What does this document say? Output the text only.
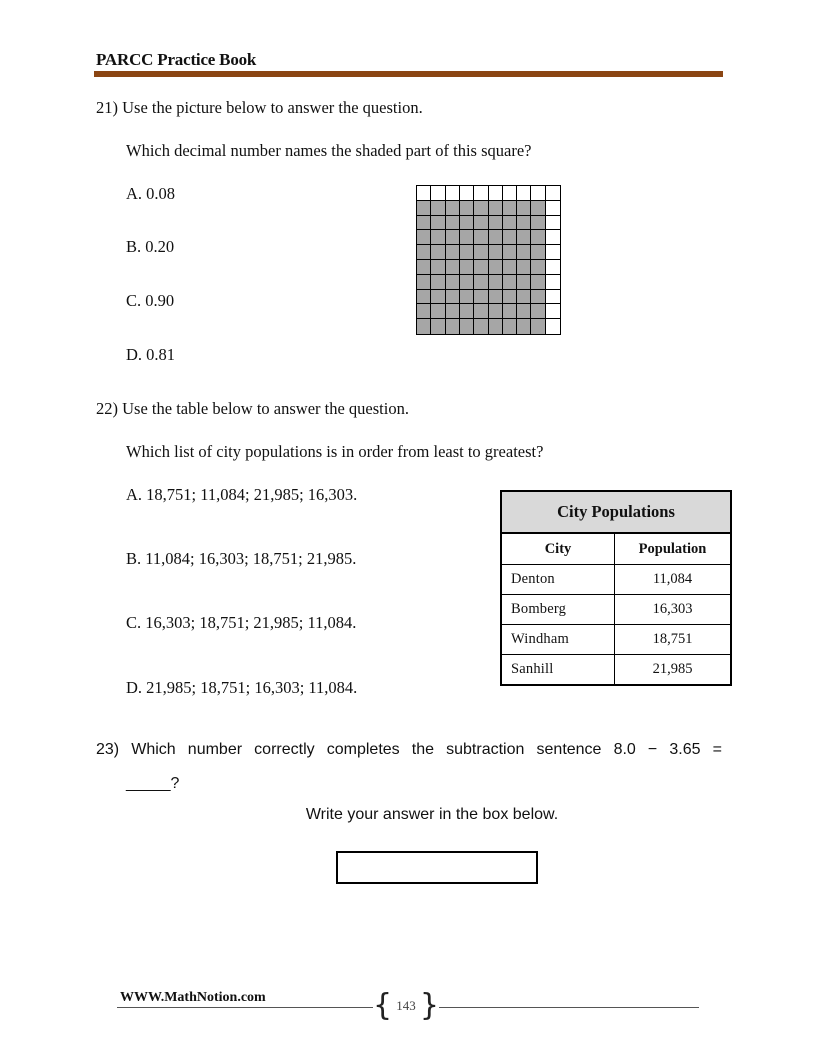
PARCC Practice Book
21) Use the picture below to answer the question.
Which decimal number names the shaded part of this square?
A. 0.08
B. 0.20
C. 0.90
D. 0.81
22) Use the table below to answer the question.
Which list of city populations is in order from least to greatest?
A. 18,751; 11,084; 21,985; 16,303.
B. 11,084; 16,303; 18,751; 21,985.
C. 16,303; 18,751; 21,985; 11,084.
D. 21,985; 18,751; 16,303; 11,084.
City Populations	
City	Population
Denton	11,084
Bomberg	16,303
Windham	18,751
Sanhill	21,985
23) Which number correctly completes the subtraction sentence 8.0 − 3.65 =
_____?
Write your answer in the box below.
WWW.MathNotion.com	{ 143 }
